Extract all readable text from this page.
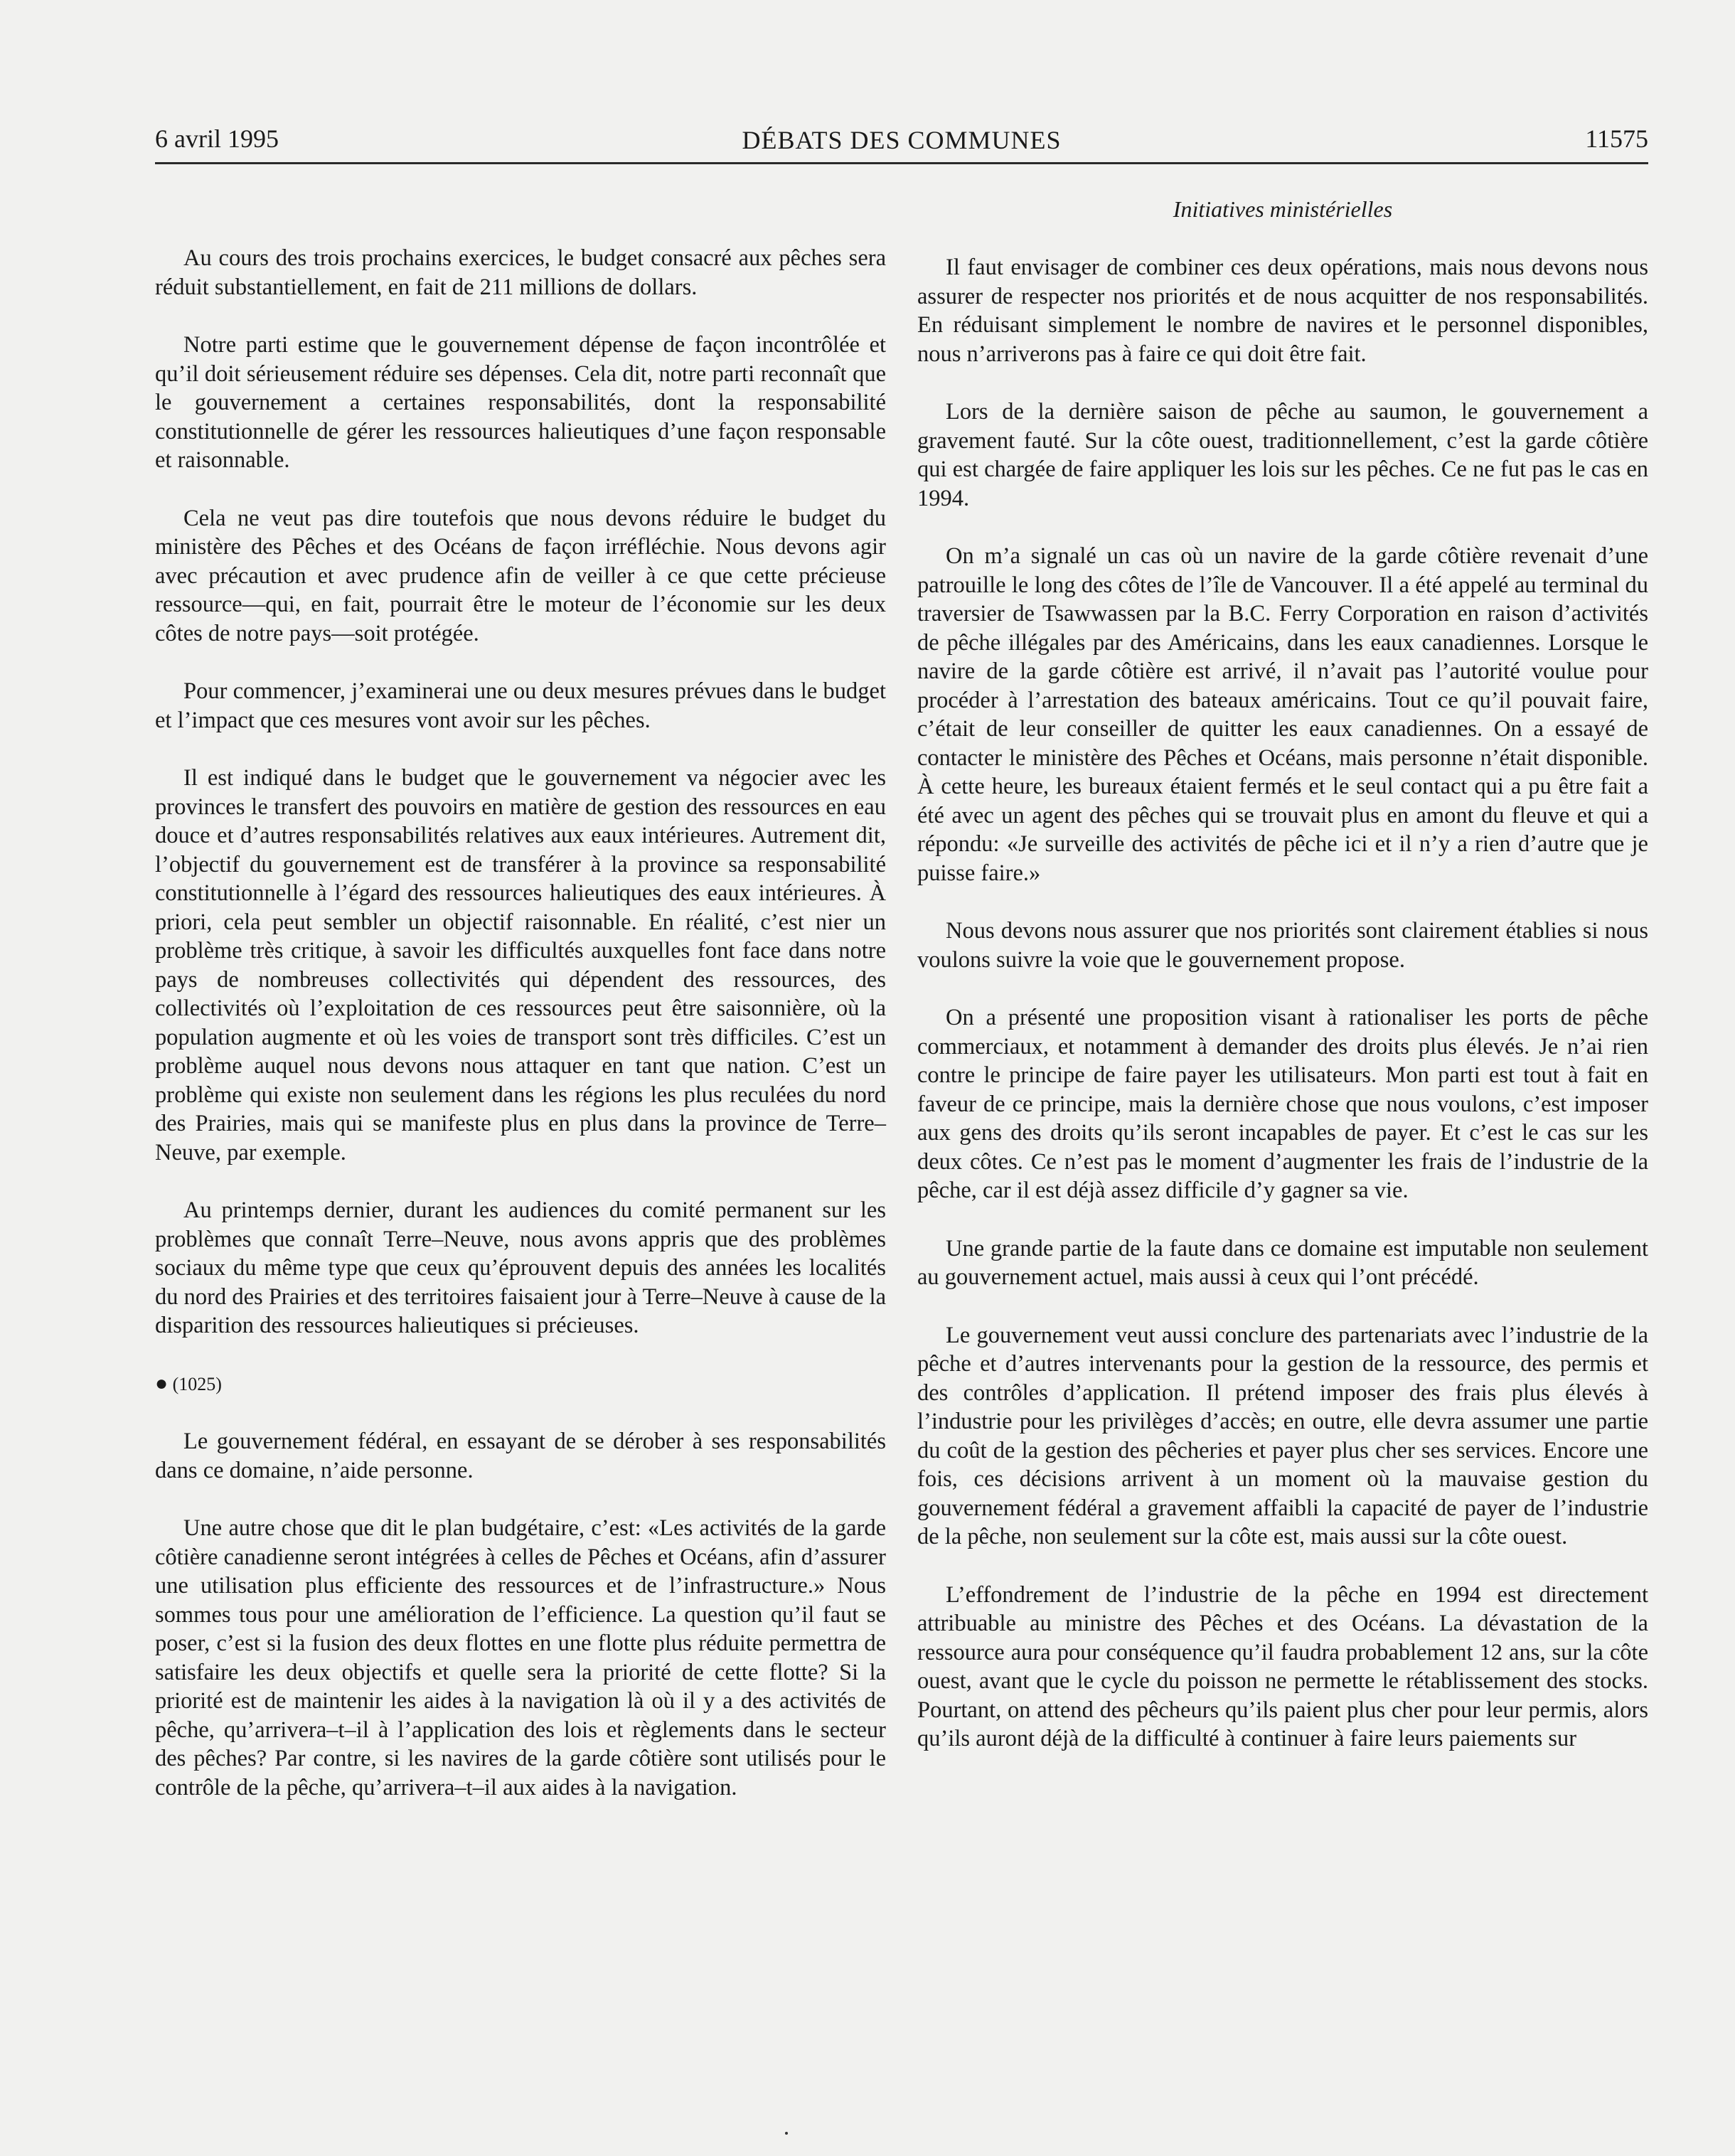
6 avril 1995	DÉBATS DES COMMUNES	11575
Initiatives ministérielles

Au cours des trois prochains exercices, le budget consacré aux pêches sera réduit substantiellement, en fait de 211 millions de dollars.

Notre parti estime que le gouvernement dépense de façon incontrôlée et qu’il doit sérieusement réduire ses dépenses. Cela dit, notre parti reconnaît que le gouvernement a certaines responsabilités, dont la responsabilité constitutionnelle de gérer les ressources halieutiques d’une façon responsable et raisonnable.

Cela ne veut pas dire toutefois que nous devons réduire le budget du ministère des Pêches et des Océans de façon irréfléchie. Nous devons agir avec précaution et avec prudence afin de veiller à ce que cette précieuse ressource—qui, en fait, pourrait être le moteur de l’économie sur les deux côtes de notre pays—soit protégée.

Pour commencer, j’examinerai une ou deux mesures prévues dans le budget et l’impact que ces mesures vont avoir sur les pêches.

Il est indiqué dans le budget que le gouvernement va négocier avec les provinces le transfert des pouvoirs en matière de gestion des ressources en eau douce et d’autres responsabilités relatives aux eaux intérieures. Autrement dit, l’objectif du gouvernement est de transférer à la province sa responsabilité constitutionnelle à l’égard des ressources halieutiques des eaux intérieures. À priori, cela peut sembler un objectif raisonnable. En réalité, c’est nier un problème très critique, à savoir les difficultés auxquelles font face dans notre pays de nombreuses collectivités qui dépendent des ressources, des collectivités où l’exploitation de ces ressources peut être saisonnière, où la population augmente et où les voies de transport sont très difficiles. C’est un problème auquel nous devons nous attaquer en tant que nation. C’est un problème qui existe non seulement dans les régions les plus reculées du nord des Prairies, mais qui se manifeste plus en plus dans la province de Terre–Neuve, par exemple.

Au printemps dernier, durant les audiences du comité permanent sur les problèmes que connaît Terre–Neuve, nous avons appris que des problèmes sociaux du même type que ceux qu’éprouvent depuis des années les localités du nord des Prairies et des territoires faisaient jour à Terre–Neuve à cause de la disparition des ressources halieutiques si précieuses.

● (1025)

Le gouvernement fédéral, en essayant de se dérober à ses responsabilités dans ce domaine, n’aide personne.

Une autre chose que dit le plan budgétaire, c’est: «Les activités de la garde côtière canadienne seront intégrées à celles de Pêches et Océans, afin d’assurer une utilisation plus efficiente des ressources et de l’infrastructure.» Nous sommes tous pour une amélioration de l’efficience. La question qu’il faut se poser, c’est si la fusion des deux flottes en une flotte plus réduite permettra de satisfaire les deux objectifs et quelle sera la priorité de cette flotte? Si la priorité est de maintenir les aides à la navigation là où il y a des activités de pêche, qu’arrivera–t–il à l’application des lois et règlements dans le secteur des pêches? Par contre, si les navires de la garde côtière sont utilisés pour le contrôle de la pêche, qu’arrivera–t–il aux aides à la navigation.

Il faut envisager de combiner ces deux opérations, mais nous devons nous assurer de respecter nos priorités et de nous acquitter de nos responsabilités. En réduisant simplement le nombre de navires et le personnel disponibles, nous n’arriverons pas à faire ce qui doit être fait.

Lors de la dernière saison de pêche au saumon, le gouvernement a gravement fauté. Sur la côte ouest, traditionnellement, c’est la garde côtière qui est chargée de faire appliquer les lois sur les pêches. Ce ne fut pas le cas en 1994.

On m’a signalé un cas où un navire de la garde côtière revenait d’une patrouille le long des côtes de l’île de Vancouver. Il a été appelé au terminal du traversier de Tsawwassen par la B.C. Ferry Corporation en raison d’activités de pêche illégales par des Américains, dans les eaux canadiennes. Lorsque le navire de la garde côtière est arrivé, il n’avait pas l’autorité voulue pour procéder à l’arrestation des bateaux américains. Tout ce qu’il pouvait faire, c’était de leur conseiller de quitter les eaux canadiennes. On a essayé de contacter le ministère des Pêches et Océans, mais personne n’était disponible. À cette heure, les bureaux étaient fermés et le seul contact qui a pu être fait a été avec un agent des pêches qui se trouvait plus en amont du fleuve et qui a répondu: «Je surveille des activités de pêche ici et il n’y a rien d’autre que je puisse faire.»

Nous devons nous assurer que nos priorités sont clairement établies si nous voulons suivre la voie que le gouvernement propose.

On a présenté une proposition visant à rationaliser les ports de pêche commerciaux, et notamment à demander des droits plus élevés. Je n’ai rien contre le principe de faire payer les utilisateurs. Mon parti est tout à fait en faveur de ce principe, mais la dernière chose que nous voulons, c’est imposer aux gens des droits qu’ils seront incapables de payer. Et c’est le cas sur les deux côtes. Ce n’est pas le moment d’augmenter les frais de l’industrie de la pêche, car il est déjà assez difficile d’y gagner sa vie.

Une grande partie de la faute dans ce domaine est imputable non seulement au gouvernement actuel, mais aussi à ceux qui l’ont précédé.

Le gouvernement veut aussi conclure des partenariats avec l’industrie de la pêche et d’autres intervenants pour la gestion de la ressource, des permis et des contrôles d’application. Il prétend imposer des frais plus élevés à l’industrie pour les privilèges d’accès; en outre, elle devra assumer une partie du coût de la gestion des pêcheries et payer plus cher ses services. Encore une fois, ces décisions arrivent à un moment où la mauvaise gestion du gouvernement fédéral a gravement affaibli la capacité de payer de l’industrie de la pêche, non seulement sur la côte est, mais aussi sur la côte ouest.

L’effondrement de l’industrie de la pêche en 1994 est directement attribuable au ministre des Pêches et des Océans. La dévastation de la ressource aura pour conséquence qu’il faudra probablement 12 ans, sur la côte ouest, avant que le cycle du poisson ne permette le rétablissement des stocks. Pourtant, on attend des pêcheurs qu’ils paient plus cher pour leur permis, alors qu’ils auront déjà de la difficulté à continuer à faire leurs paiements sur
